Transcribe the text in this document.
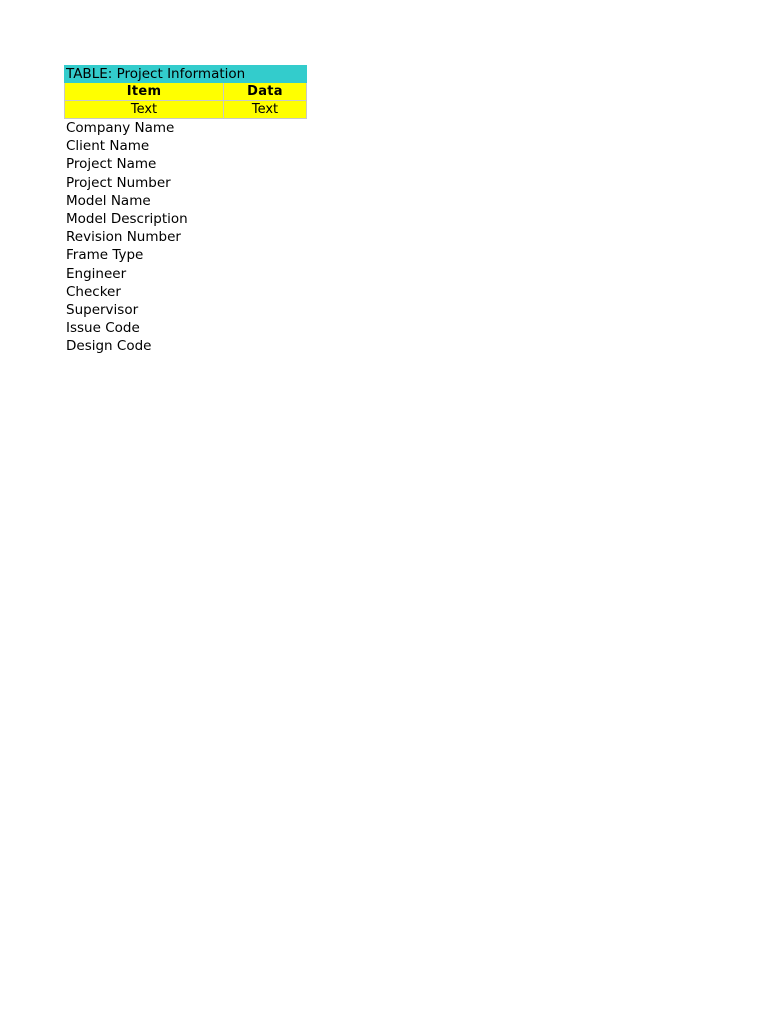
TABLE: Project Information
Item	Data
Text	Text
Company Name
Client Name
Project Name
Project Number
Model Name
Model Description
Revision Number
Frame Type
Engineer
Checker
Supervisor
Issue Code
Design Code
